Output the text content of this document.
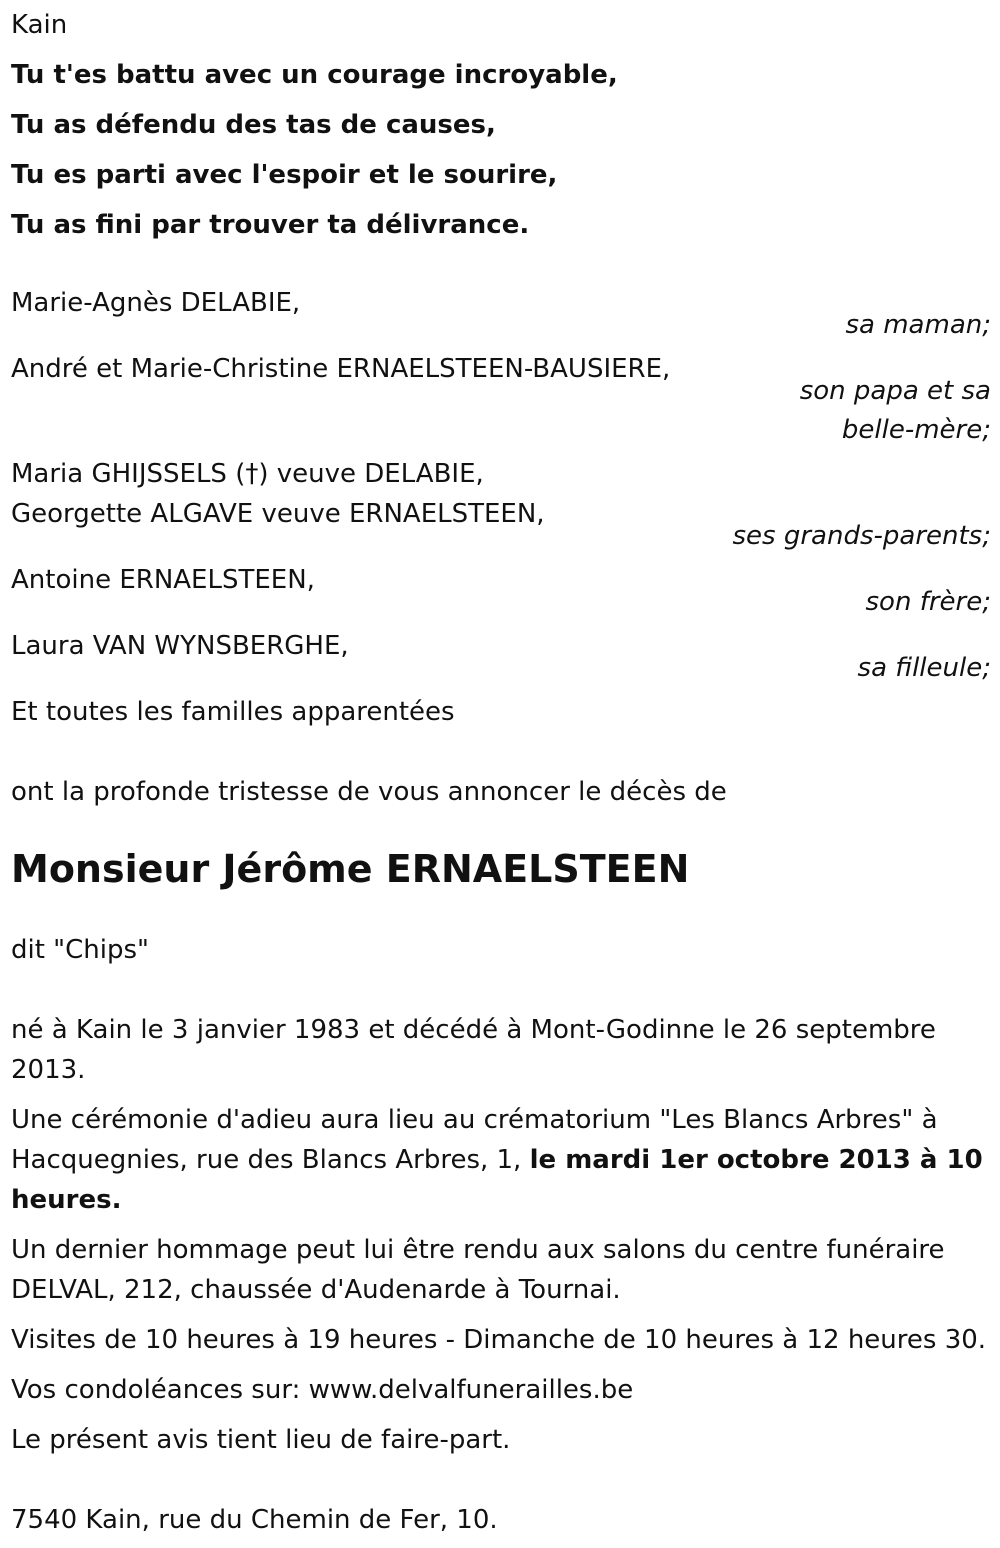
Kain

Tu t'es battu avec un courage incroyable,

Tu as défendu des tas de causes,

Tu es parti avec l'espoir et le sourire,

Tu as fini par trouver ta délivrance.

Marie-Agnès DELABIE,

sa maman;

André et Marie-Christine ERNAELSTEEN-BAUSIERE,

son papa et sa
belle-mère;

Maria GHIJSSELS (†) veuve DELABIE,

Georgette ALGAVE veuve ERNAELSTEEN,

ses grands-parents;

Antoine ERNAELSTEEN,

son frère;

Laura VAN WYNSBERGHE,

sa filleule;

Et toutes les familles apparentées

ont la profonde tristesse de vous annoncer le décès de

Monsieur Jérôme ERNAELSTEEN

dit "Chips"

né à Kain le 3 janvier 1983 et décédé à Mont-Godinne le 26 septembre 2013.

Une cérémonie d'adieu aura lieu au crématorium "Les Blancs Arbres" à Hacquegnies, rue des Blancs Arbres, 1, le mardi 1er octobre 2013 à 10 heures.

Un dernier hommage peut lui être rendu aux salons du centre funéraire DELVAL, 212, chaussée d'Audenarde à Tournai.

Visites de 10 heures à 19 heures - Dimanche de 10 heures à 12 heures 30.

Vos condoléances sur: www.delvalfunerailles.be

Le présent avis tient lieu de faire-part.

7540 Kain, rue du Chemin de Fer, 10.
